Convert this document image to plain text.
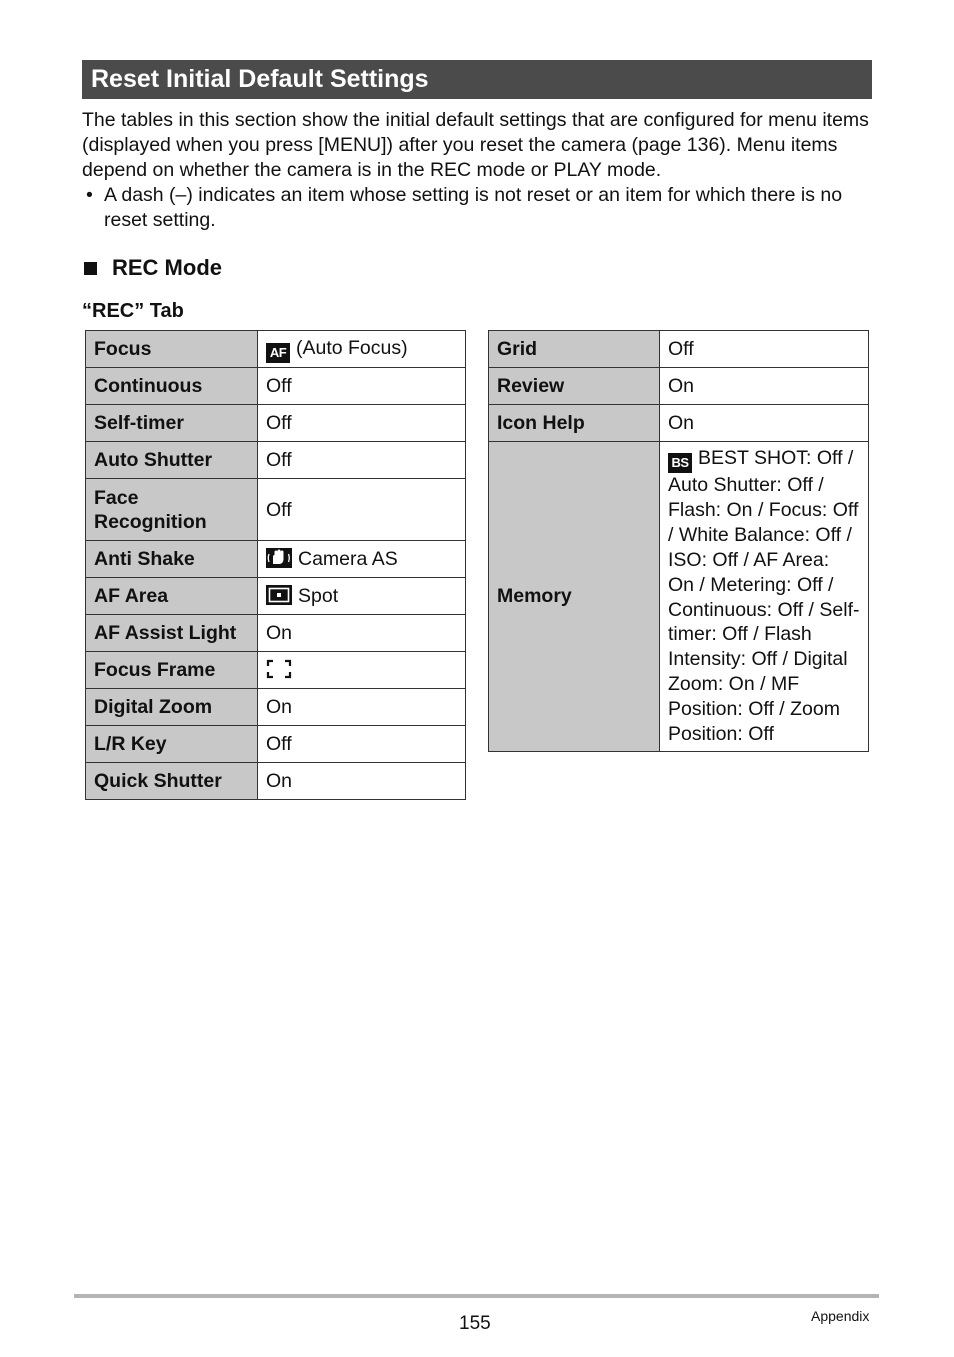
Reset Initial Default Settings

The tables in this section show the initial default settings that are configured for menu items (displayed when you press [MENU]) after you reset the camera (page 136). Menu items depend on whether the camera is in the REC mode or PLAY mode.

• A dash (–) indicates an item whose setting is not reset or an item for which there is no reset setting.
REC Mode
“REC” Tab
Focus	AF (Auto Focus)
Continuous	Off
Self-timer	Off
Auto Shutter	Off
Face Recognition	Off
Anti Shake	Camera AS
AF Area	Spot
AF Assist Light	On
Focus Frame	
Digital Zoom	On
L/R Key	Off
Quick Shutter	On
Grid	Off
Review	On
Icon Help	On
Memory	BS BEST SHOT: Off / Auto Shutter: Off / Flash: On / Focus: Off / White Balance: Off / ISO: Off / AF Area: On / Metering: Off / Continuous: Off / Self-timer: Off / Flash Intensity: Off / Digital Zoom: On / MF Position: Off / Zoom Position: Off
155	Appendix
